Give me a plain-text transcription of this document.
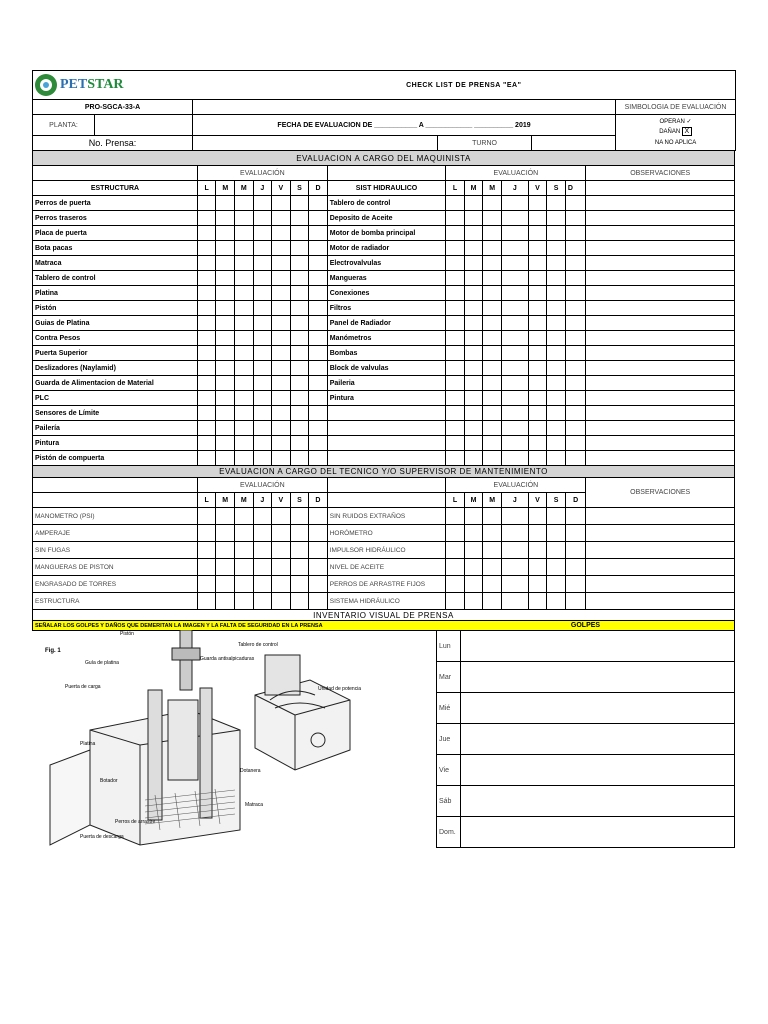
PETSTAR	CHECK LIST DE PRENSA "EA"
PRO-SGCA-33-A					SIMBOLOGIA DE EVALUACIÓN
PLANTA:		FECHA DE EVALUACION DE ___________ A ____________ __________ 2019			OPERAN ✓
DAÑAN X
NA NO APLICA

No. Prensa:			TURNO		
EVALUACION A CARGO DEL MAQUINISTA																
	EVALUACIÓN								EVALUACIÓN							OBSERVACIONES
ESTRUCTURA	L	M	M	J	V	S	D	SIST HIDRAULICO	L	M	M	J	V	S	D	
Perros de puerta								Tablero de control								
Perros traseros								Deposito de Aceite								
Placa de puerta								Motor de bomba principal								
Bota pacas								Motor de radiador								
Matraca								Electrovalvulas								
Tablero de control								Mangueras								
Platina								Conexiones								
Pistón								Filtros								
Guias de Platina								Panel de Radiador								
Contra Pesos								Manómetros								
Puerta Superior								Bombas								
Deslizadores (Naylamid)								Block de valvulas								
Guarda de Alimentacion de Material								Paileria								
PLC								Pintura								
Sensores de Límite																
Pailería																
Pintura																
Pistón de compuerta																
EVALUACION A CARGO DEL TECNICO Y/O SUPERVISOR DE MANTENIMIENTO																
	EVALUACIÓN								EVALUACIÓN							OBSERVACIONES
	L	M	M	J	V	S	D		L	M	M	J	V	S	D	
MANOMETRO (PSI)								SIN RUIDOS EXTRAÑOS								
AMPERAJE								HORÓMETRO								
SIN FUGAS								IMPULSOR HIDRÁULICO								
MANGUERAS DE PISTON								NIVEL DE ACEITE								
ENGRASADO DE TORRES								PERROS DE ARRASTRE FIJOS								
ESTRUCTURA								SISTEMA HIDRÁULICO								
INVENTARIO VISUAL DE PRENSA																
SEÑALAR LOS GOLPES Y DAÑOS QUE DEMERITAN LA IMAGEN Y LA FALTA DE SEGURIDAD EN LA PRENSA																
Fig. 1
Pistón
Guía de platina
Guarda antisalpicaduras
Tablero de control
Puerta de carga	Unidad de potencia
Platina
Botador
Dotanera
Perros de arrastre
Matraca
Puerta de descarga
GOLPES	
Lun	
Mar	
Mié	
Jue	
Vie	
Sáb	
Dom.	
